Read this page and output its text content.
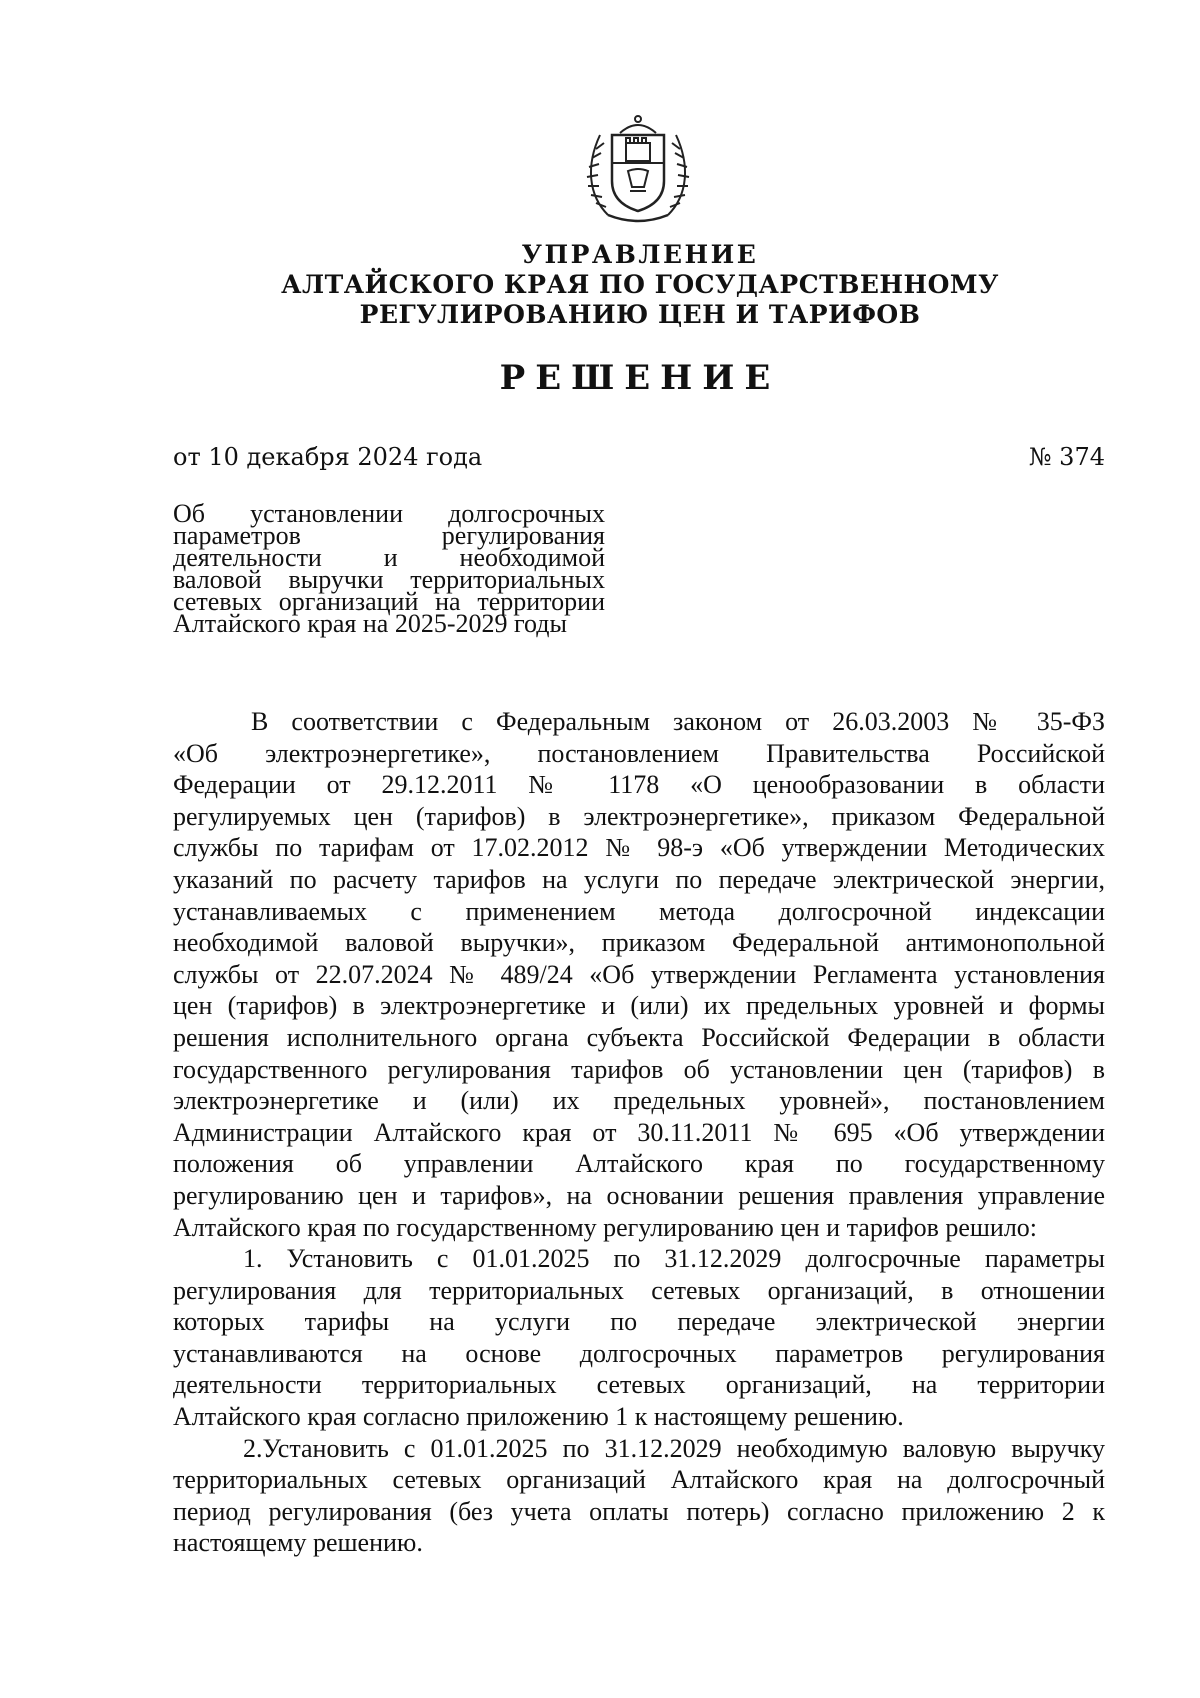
УПРАВЛЕНИЕ
АЛТАЙСКОГО КРАЯ ПО ГОСУДАРСТВЕННОМУ
РЕГУЛИРОВАНИЮ ЦЕН И ТАРИФОВ
РЕШЕНИЕ
от 10 декабря 2024 года	№ 374
Об установлении долгосрочных
параметров регулирования
деятельности и необходимой
валовой выручки территориальных
сетевых организаций на территории
Алтайского края на 2025-2029 годы
В соответствии с Федеральным законом от 26.03.2003 № 35-ФЗ
«Об электроэнергетике», постановлением Правительства Российской
Федерации от 29.12.2011 № 1178 «О ценообразовании в области
регулируемых цен (тарифов) в электроэнергетике», приказом Федеральной
службы по тарифам от 17.02.2012 № 98-э «Об утверждении Методических
указаний по расчету тарифов на услуги по передаче электрической энергии,
устанавливаемых с применением метода долгосрочной индексации
необходимой валовой выручки», приказом Федеральной антимонопольной
службы от 22.07.2024 № 489/24 «Об утверждении Регламента установления
цен (тарифов) в электроэнергетике и (или) их предельных уровней и формы
решения исполнительного органа субъекта Российской Федерации в области
государственного регулирования тарифов об установлении цен (тарифов) в
электроэнергетике и (или) их предельных уровней», постановлением
Администрации Алтайского края от 30.11.2011 № 695 «Об утверждении
положения об управлении Алтайского края по государственному
регулированию цен и тарифов», на основании решения правления управление
Алтайского края по государственному регулированию цен и тарифов решило:
1. Установить с 01.01.2025 по 31.12.2029 долгосрочные параметры
регулирования для территориальных сетевых организаций, в отношении
которых тарифы на услуги по передаче электрической энергии
устанавливаются на основе долгосрочных параметров регулирования
деятельности территориальных сетевых организаций, на территории
Алтайского края согласно приложению 1 к настоящему решению.
2.Установить с 01.01.2025 по 31.12.2029 необходимую валовую выручку
территориальных сетевых организаций Алтайского края на долгосрочный
период регулирования (без учета оплаты потерь) согласно приложению 2 к
настоящему решению.
